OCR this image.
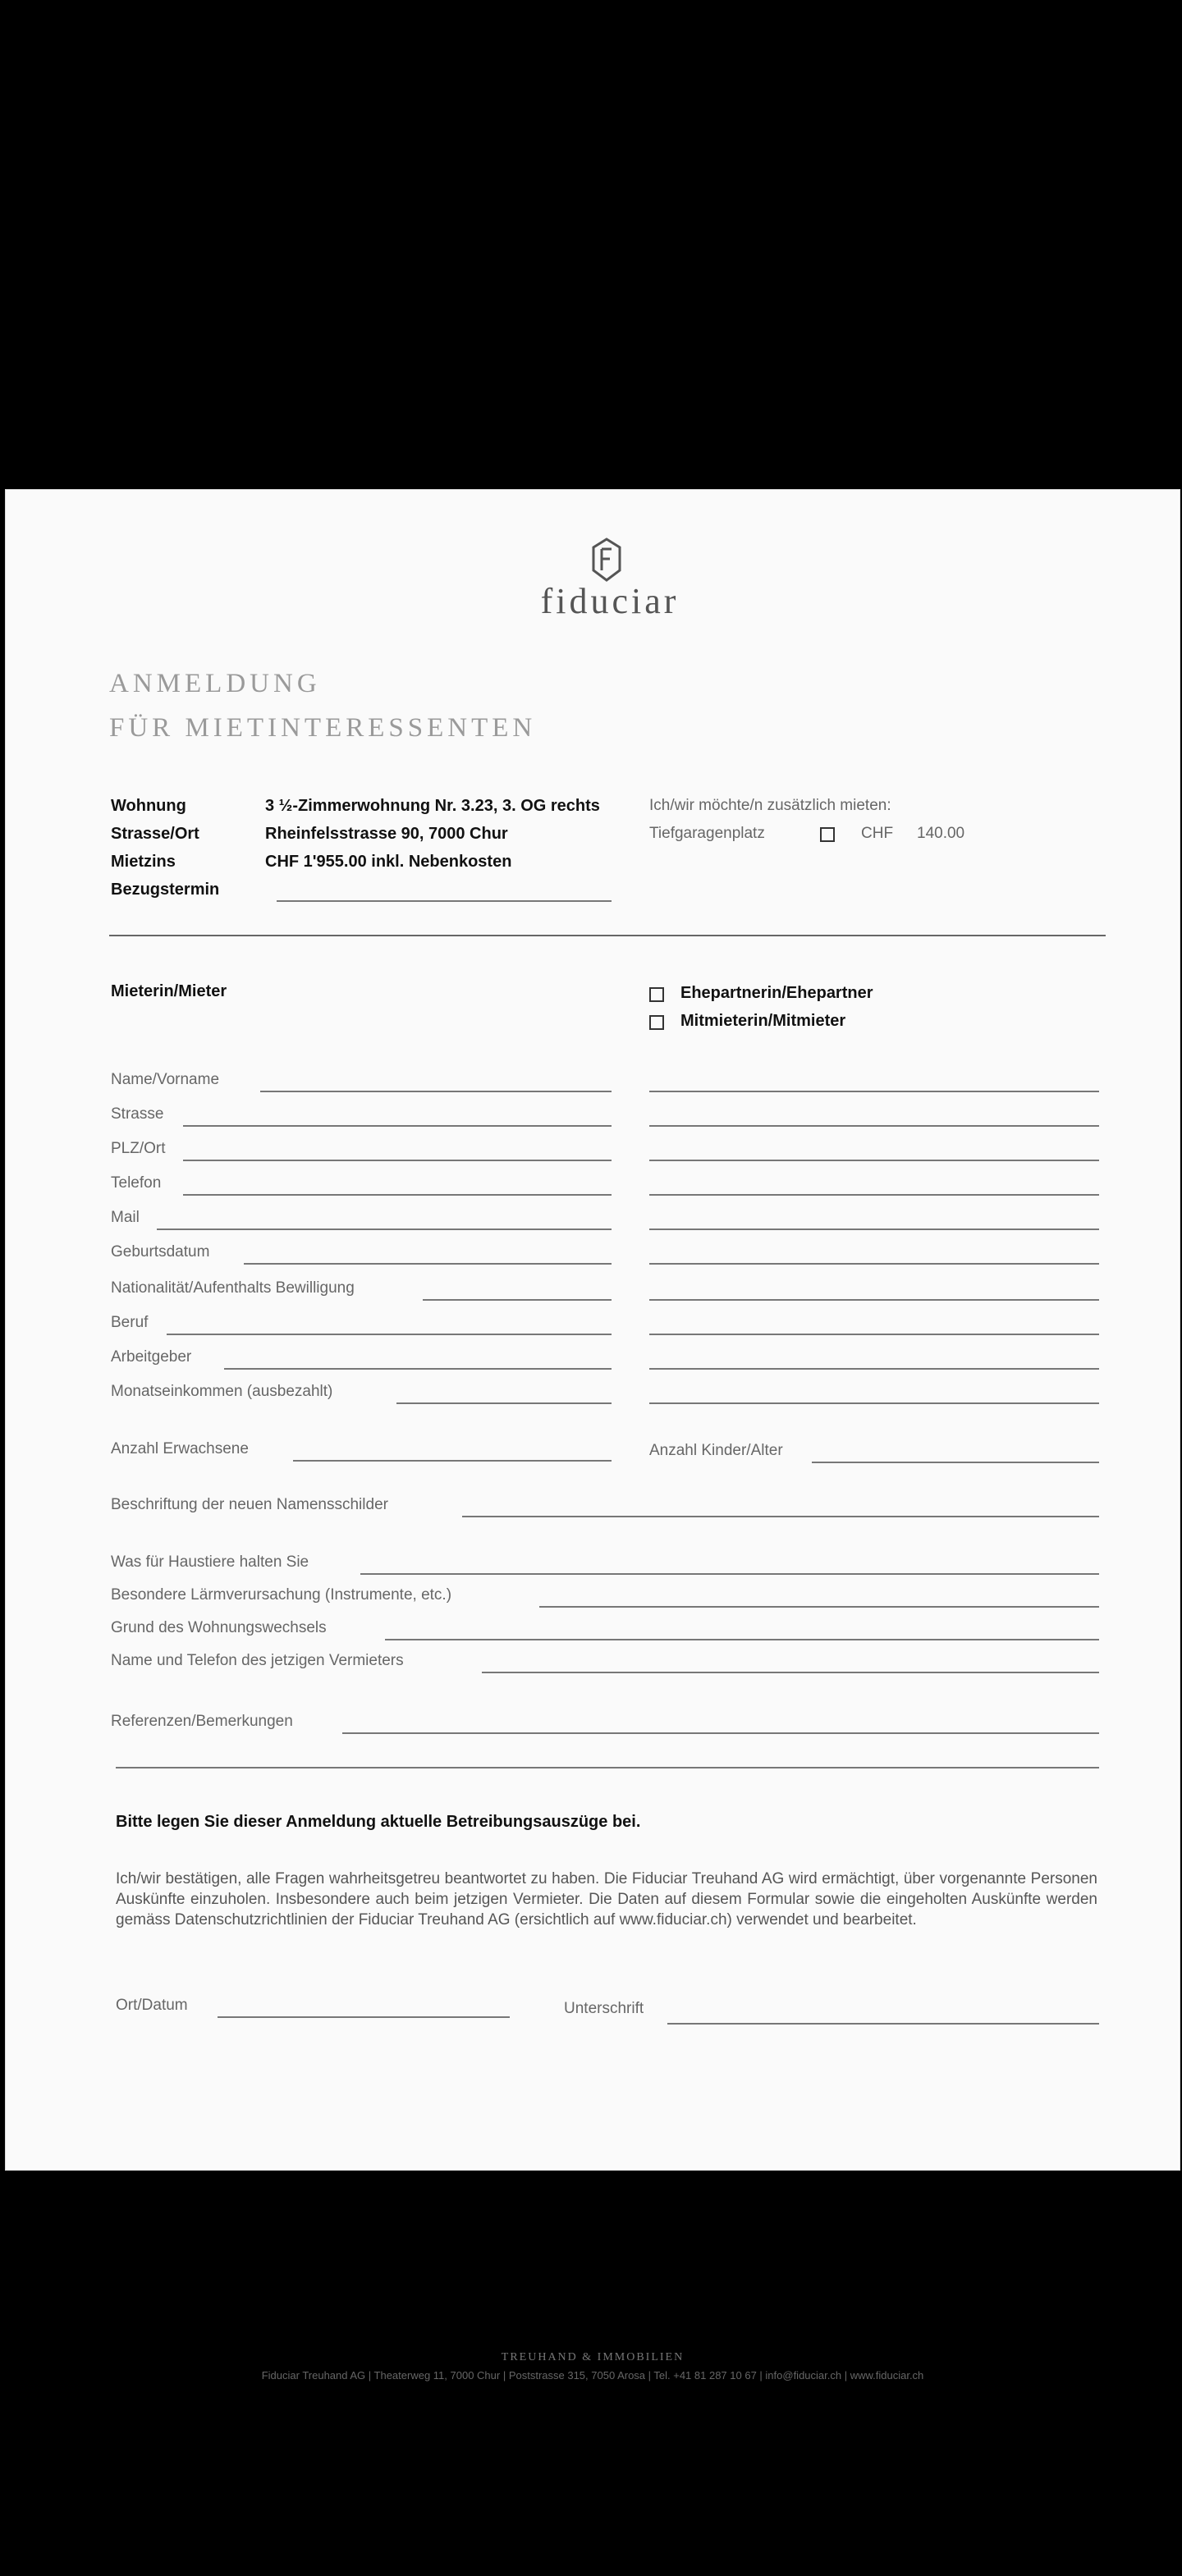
fiduciar
ANMELDUNG
FÜR MIETINTERESSENTEN
Wohnung	3 ½-Zimmerwohnung Nr. 3.23, 3. OG rechts
Strasse/Ort	Rheinfelsstrasse 90, 7000 Chur
Mietzins	CHF 1'955.00 inkl. Nebenkosten
Bezugstermin
Ich/wir möchte/n zusätzlich mieten:
Tiefgaragenplatz	CHF 140.00
Mieterin/Mieter	Ehepartnerin/Ehepartner
Mitmieterin/Mitmieter
Name/Vorname
Strasse
PLZ/Ort
Telefon
Mail
Geburtsdatum
Nationalität/Aufenthalts Bewilligung
Beruf
Arbeitgeber
Monatseinkommen (ausbezahlt)
Anzahl Erwachsene	Anzahl Kinder/Alter
Beschriftung der neuen Namensschilder
Was für Haustiere halten Sie
Besondere Lärmverursachung (Instrumente, etc.)
Grund des Wohnungswechsels
Name und Telefon des jetzigen Vermieters
Referenzen/Bemerkungen
Bitte legen Sie dieser Anmeldung aktuelle Betreibungsauszüge bei.
Ich/wir bestätigen, alle Fragen wahrheitsgetreu beantwortet zu haben. Die Fiduciar Treuhand AG wird ermächtigt, über vorgenannte Personen Auskünfte einzuholen. Insbesondere auch beim jetzigen Vermieter. Die Daten auf diesem Formular sowie die eingeholten Auskünfte werden gemäss Datenschutzrichtlinien der Fiduciar Treuhand AG (ersichtlich auf www.fiduciar.ch) verwendet und bearbeitet.
Ort/Datum	Unterschrift
TREUHAND & IMMOBILIEN
Fiduciar Treuhand AG | Theaterweg 11, 7000 Chur | Poststrasse 315, 7050 Arosa | Tel. +41 81 287 10 67 | info@fiduciar.ch | www.fiduciar.ch
